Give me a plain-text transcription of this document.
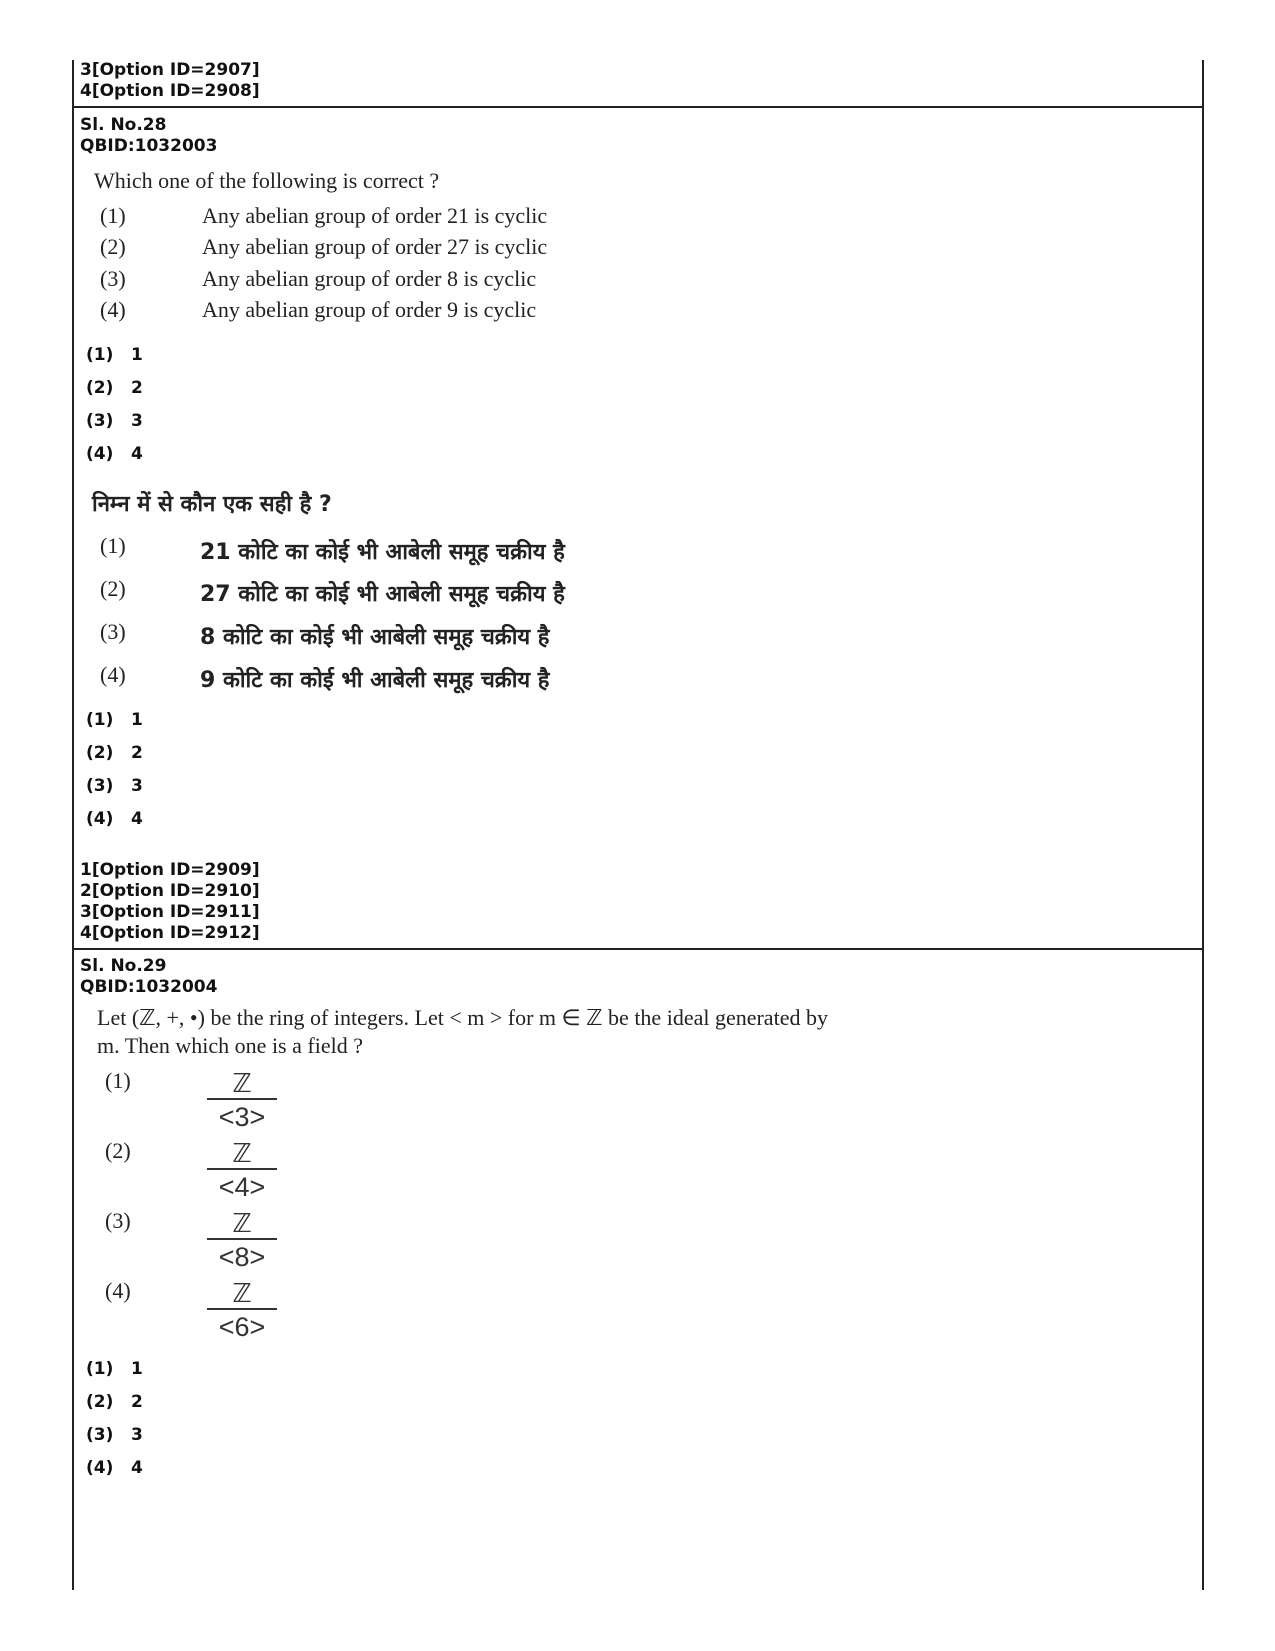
3[Option ID=2907]
4[Option ID=2908]
Sl. No.28
QBID:1032003
Which one of the following is correct ?
(1)	Any abelian group of order 21 is cyclic
(2)	Any abelian group of order 27 is cyclic
(3)	Any abelian group of order 8 is cyclic
(4)	Any abelian group of order 9 is cyclic
(1) 1
(2) 2
(3) 3
(4) 4
निम्न में से कौन एक सही है ?
(1)	21 कोटि का कोई भी आबेली समूह चक्रीय है
(2)	27 कोटि का कोई भी आबेली समूह चक्रीय है
(3)	8 कोटि का कोई भी आबेली समूह चक्रीय है
(4)	9 कोटि का कोई भी आबेली समूह चक्रीय है
(1) 1
(2) 2
(3) 3
(4) 4
1[Option ID=2909]
2[Option ID=2910]
3[Option ID=2911]
4[Option ID=2912]
Sl. No.29
QBID:1032004
Let (ℤ, +, •) be the ring of integers. Let < m > for m ∈ ℤ be the ideal generated by
m. Then which one is a field ?
(1)	ℤ
<3>
(2)	ℤ
<4>
(3)	ℤ
<8>
(4)	ℤ
<6>
(1) 1
(2) 2
(3) 3
(4) 4
